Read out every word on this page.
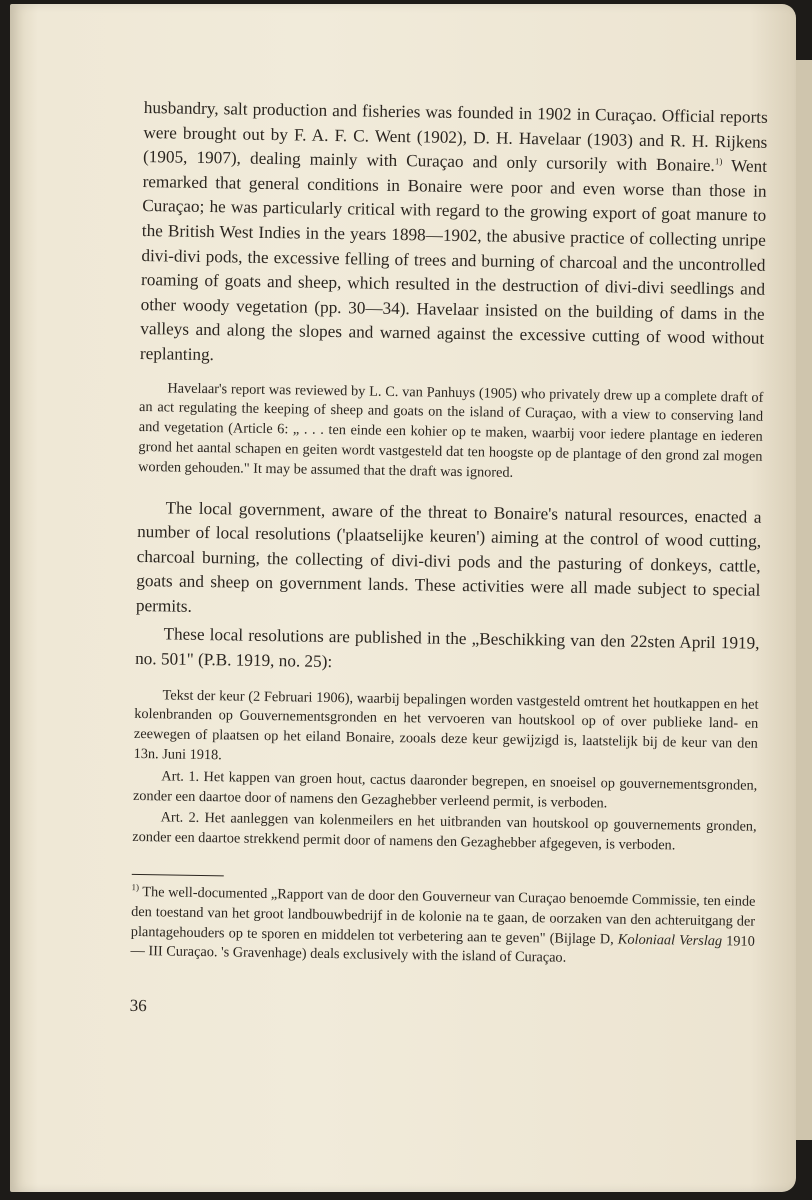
husbandry, salt production and fisheries was founded in 1902 in Curaçao. Official reports were brought out by F. A. F. C. Went (1902), D. H. Havelaar (1903) and R. H. Rijkens (1905, 1907), dealing mainly with Curaçao and only cursorily with Bonaire.$^{1)}$ Went remarked that general conditions in Bonaire were poor and even worse than those in Curaçao; he was particularly critical with regard to the growing export of goat manure to the British West Indies in the years 1898—1902, the abusive practice of collecting unripe divi-divi pods, the excessive felling of trees and burning of charcoal and the uncontrolled roaming of goats and sheep, which resulted in the destruction of divi-divi seedlings and other woody vegetation (pp. 30—34). Havelaar insisted on the building of dams in the valleys and along the slopes and warned against the excessive cutting of wood without replanting.

Havelaar's report was reviewed by L. C. van Panhuys (1905) who privately drew up a complete draft of an act regulating the keeping of sheep and goats on the island of Curaçao, with a view to conserving land and vegetation (Article 6: „ . . . ten einde een kohier op te maken, waarbij voor iedere plantage en iederen grond het aantal schapen en geiten wordt vastgesteld dat ten hoogste op de plantage of den grond zal mogen worden gehouden." It may be assumed that the draft was ignored.

The local government, aware of the threat to Bonaire's natural resources, enacted a number of local resolutions ('plaatselijke keuren') aiming at the control of wood cutting, charcoal burning, the collecting of divi-divi pods and the pasturing of donkeys, cattle, goats and sheep on government lands. These activities were all made subject to special permits.

These local resolutions are published in the „Beschikking van den 22sten April 1919, no. 501" (P.B. 1919, no. 25):

Tekst der keur (2 Februari 1906), waarbij bepalingen worden vastgesteld omtrent het houtkappen en het kolenbranden op Gouvernementsgronden en het vervoeren van houtskool op of over publieke land- en zeewegen of plaatsen op het eiland Bonaire, zooals deze keur gewijzigd is, laatstelijk bij de keur van den 13n. Juni 1918.

Art. 1. Het kappen van groen hout, cactus daaronder begrepen, en snoeisel op gouvernementsgronden, zonder een daartoe door of namens den Gezaghebber verleend permit, is verboden.

Art. 2. Het aanleggen van kolenmeilers en het uitbranden van houtskool op gouvernements gronden, zonder een daartoe strekkend permit door of namens den Gezaghebber afgegeven, is verboden.

$^{1)}$ The well-documented „Rapport van de door den Gouverneur van Curaçao benoemde Commissie, ten einde den toestand van het groot landbouwbedrijf in de kolonie na te gaan, de oorzaken van den achteruitgang der plantagehouders op te sporen en middelen tot verbetering aan te geven" (Bijlage D, Koloniaal Verslag 1910 — III Curaçao. 's Gravenhage) deals exclusively with the island of Curaçao.

36
